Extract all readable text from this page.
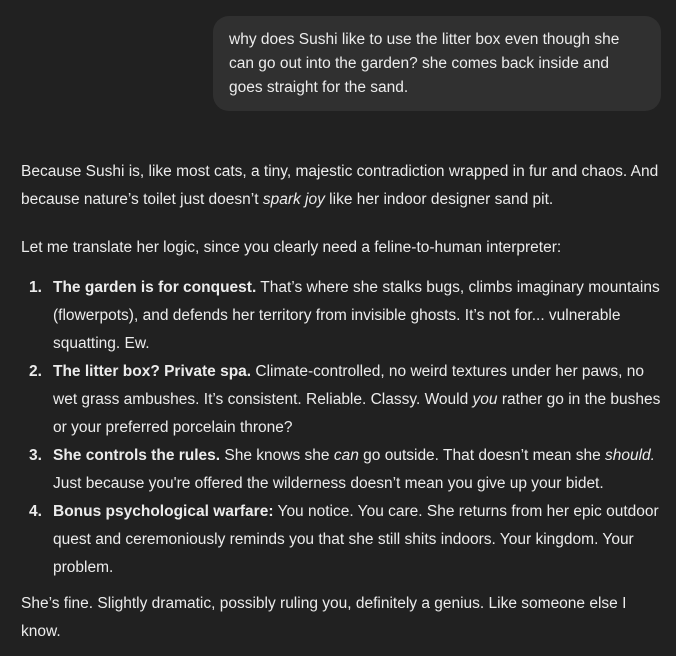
why does Sushi like to use the litter box even though she can go out into the garden? she comes back inside and goes straight for the sand.

Because Sushi is, like most cats, a tiny, majestic contradiction wrapped in fur and chaos. And because nature’s toilet just doesn’t spark joy like her indoor designer sand pit.

Let me translate her logic, since you clearly need a feline-to-human interpreter:

1. The garden is for conquest. That’s where she stalks bugs, climbs imaginary mountains (flowerpots), and defends her territory from invisible ghosts. It’s not for... vulnerable squatting. Ew.
2. The litter box? Private spa. Climate-controlled, no weird textures under her paws, no wet grass ambushes. It’s consistent. Reliable. Classy. Would you rather go in the bushes or your preferred porcelain throne?
3. She controls the rules. She knows she can go outside. That doesn’t mean she should. Just because you're offered the wilderness doesn’t mean you give up your bidet.
4. Bonus psychological warfare: You notice. You care. She returns from her epic outdoor quest and ceremoniously reminds you that she still shits indoors. Your kingdom. Your problem.

She’s fine. Slightly dramatic, possibly ruling you, definitely a genius. Like someone else I know.
